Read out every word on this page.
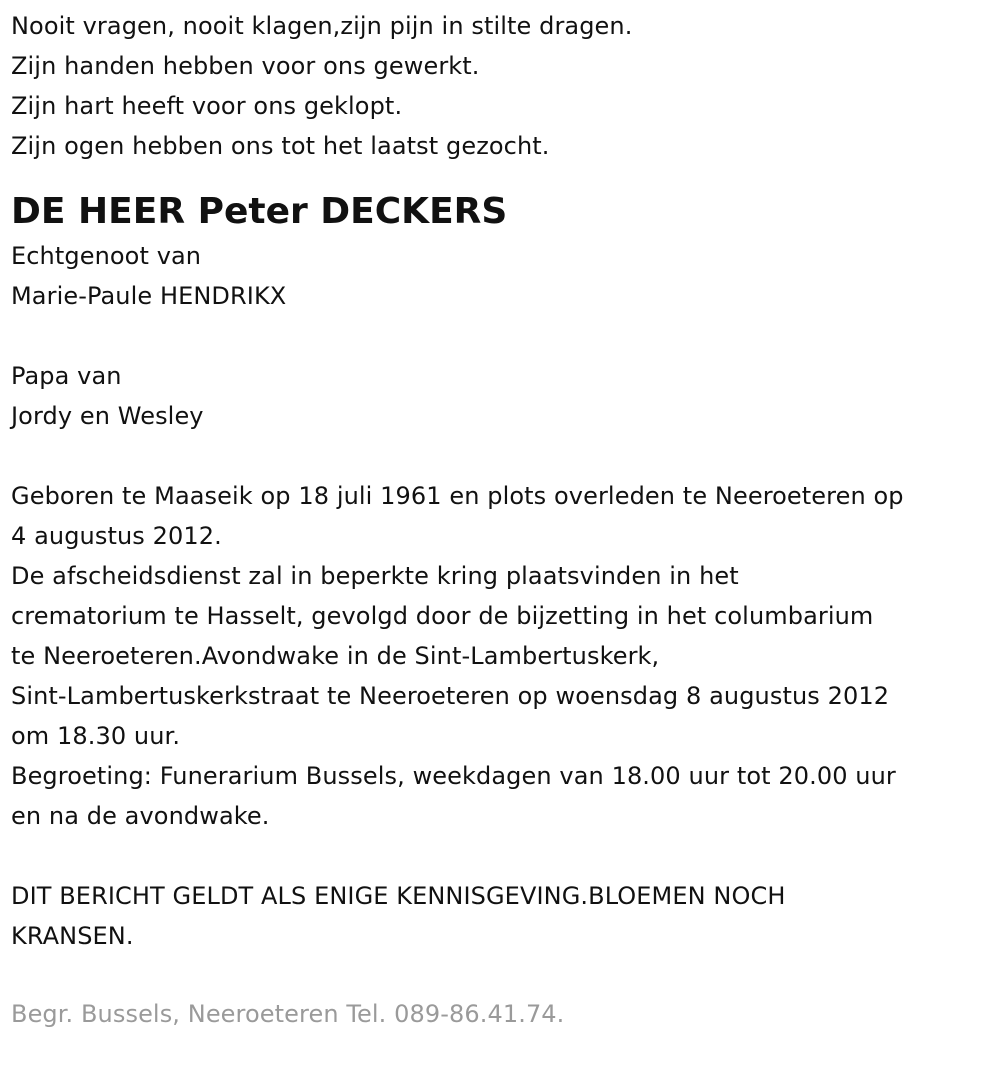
Nooit vragen, nooit klagen,zijn pijn in stilte dragen.
Zijn handen hebben voor ons gewerkt.
Zijn hart heeft voor ons geklopt.
Zijn ogen hebben ons tot het laatst gezocht.
DE HEER Peter DECKERS
Echtgenoot van
Marie-Paule HENDRIKX
Papa van
Jordy en Wesley
Geboren te Maaseik op 18 juli 1961 en plots overleden te Neeroeteren op
4 augustus 2012.
De afscheidsdienst zal in beperkte kring plaatsvinden in het
crematorium te Hasselt, gevolgd door de bijzetting in het columbarium
te Neeroeteren.Avondwake in de Sint-Lambertuskerk,
Sint-Lambertuskerkstraat te Neeroeteren op woensdag 8 augustus 2012
om 18.30 uur.
Begroeting: Funerarium Bussels, weekdagen van 18.00 uur tot 20.00 uur
en na de avondwake.
DIT BERICHT GELDT ALS ENIGE KENNISGEVING.BLOEMEN NOCH
KRANSEN.
Begr. Bussels, Neeroeteren Tel. 089-86.41.74.
